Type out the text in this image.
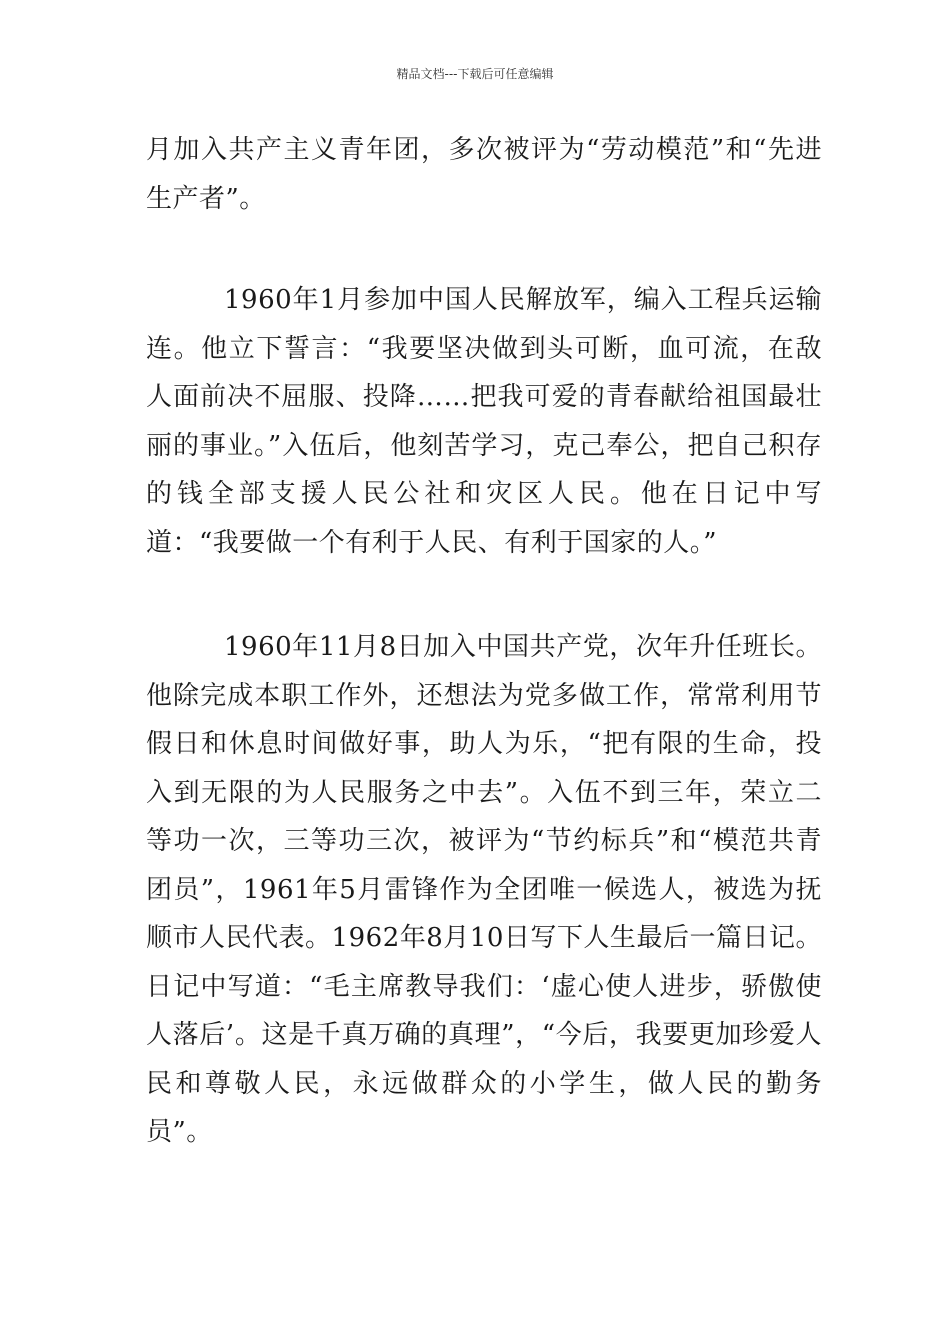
精品文档---下载后可任意编辑

月加入共产主义青年团，多次被评为“劳动模范”和“先进生产者”。

1960年1月参加中国人民解放军，编入工程兵运输连。他立下誓言：“我要坚决做到头可断，血可流，在敌人面前决不屈服、投降……把我可爱的青春献给祖国最壮丽的事业。”入伍后，他刻苦学习，克己奉公，把自己积存的钱全部支援人民公社和灾区人民。他在日记中写道：“我要做一个有利于人民、有利于国家的人。”

1960年11月8日加入中国共产党，次年升任班长。他除完成本职工作外，还想法为党多做工作，常常利用节假日和休息时间做好事，助人为乐，“把有限的生命，投入到无限的为人民服务之中去”。入伍不到三年，荣立二等功一次，三等功三次，被评为“节约标兵”和“模范共青团员”，1961年5月雷锋作为全团唯一候选人，被选为抚顺市人民代表。1962年8月10日写下人生最后一篇日记。日记中写道：“毛主席教导我们：‘虚心使人进步，骄傲使人落后’。这是千真万确的真理”，“今后，我要更加珍爱人民和尊敬人民，永远做群众的小学生，做人民的勤务员”。
